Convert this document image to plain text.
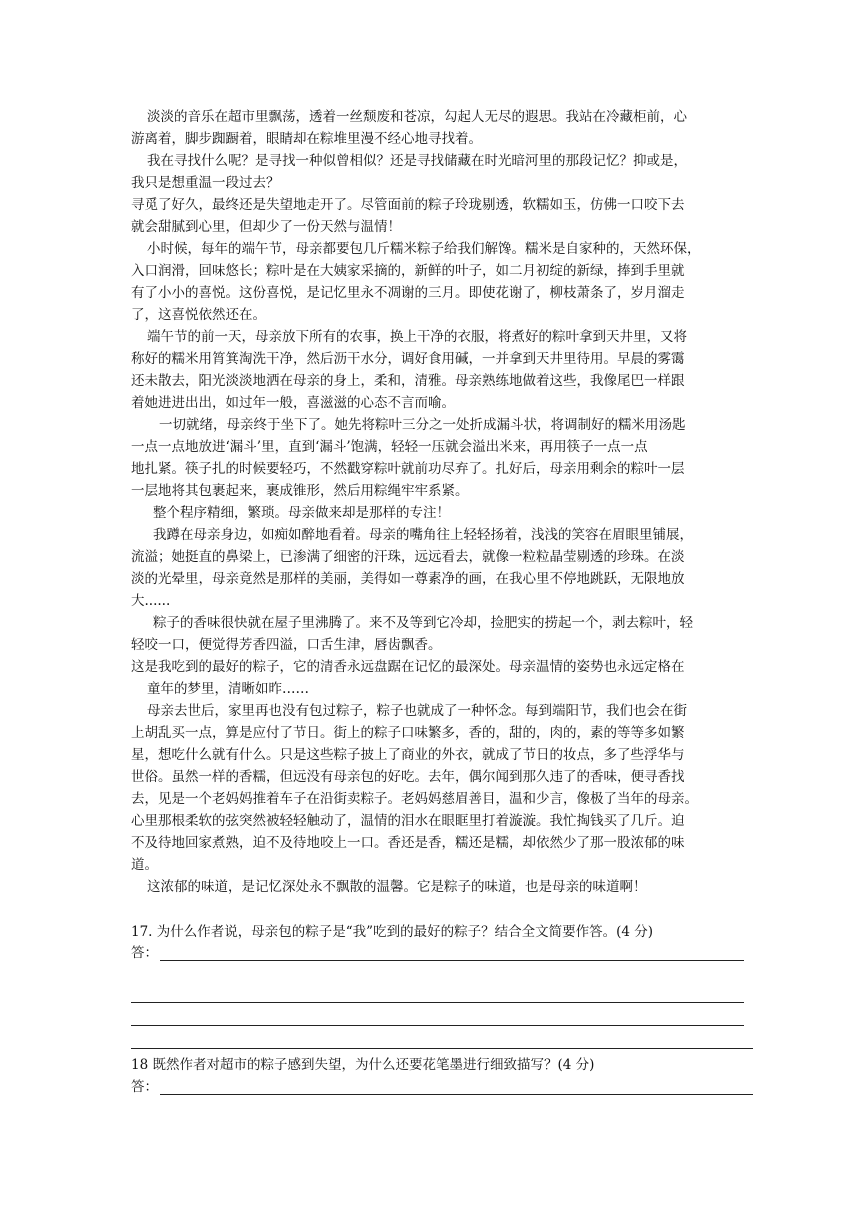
淡淡的音乐在超市里飘荡，透着一丝颓废和苍凉，勾起人无尽的遐思。我站在冷藏柜前，心
游离着，脚步踟蹰着，眼睛却在粽堆里漫不经心地寻找着。
我在寻找什么呢？是寻找一种似曾相似？还是寻找储藏在时光暗河里的那段记忆？抑或是，
我只是想重温一段过去？
寻觅了好久，最终还是失望地走开了。尽管面前的粽子玲珑剔透，软糯如玉，仿佛一口咬下去
就会甜腻到心里，但却少了一份天然与温情！
小时候，每年的端午节，母亲都要包几斤糯米粽子给我们解馋。糯米是自家种的，天然环保，
入口润滑，回味悠长；粽叶是在大姨家采摘的，新鲜的叶子，如二月初绽的新绿，捧到手里就
有了小小的喜悦。这份喜悦，是记忆里永不凋谢的三月。即使花谢了，柳枝萧条了，岁月溜走
了，这喜悦依然还在。
端午节的前一天，母亲放下所有的农事，换上干净的衣服，将煮好的粽叶拿到天井里，又将
称好的糯米用筲箕淘洗干净，然后沥干水分，调好食用碱，一并拿到天井里待用。早晨的雾霭
还未散去，阳光淡淡地洒在母亲的身上，柔和，清雅。母亲熟练地做着这些，我像尾巴一样跟
着她进进出出，如过年一般，喜滋滋的心态不言而喻。
一切就绪，母亲终于坐下了。她先将粽叶三分之一处折成漏斗状，将调制好的糯米用汤匙
一点一点地放进‘漏斗’里，直到‘漏斗’饱满，轻轻一压就会溢出米来，再用筷子一点一点
地扎紧。筷子扎的时候要轻巧，不然戳穿粽叶就前功尽弃了。扎好后，母亲用剩余的粽叶一层
一层地将其包裹起来，裹成锥形，然后用粽绳牢牢系紧。
整个程序精细，繁琐。母亲做来却是那样的专注！
我蹲在母亲身边，如痴如醉地看着。母亲的嘴角往上轻轻扬着，浅浅的笑容在眉眼里铺展，
流溢；她挺直的鼻梁上，已渗满了细密的汗珠，远远看去，就像一粒粒晶莹剔透的珍珠。在淡
淡的光晕里，母亲竟然是那样的美丽，美得如一尊素净的画，在我心里不停地跳跃，无限地放
大......
粽子的香味很快就在屋子里沸腾了。来不及等到它冷却，捡肥实的捞起一个，剥去粽叶，轻
轻咬一口，便觉得芳香四溢，口舌生津，唇齿飘香。
这是我吃到的最好的粽子，它的清香永远盘踞在记忆的最深处。母亲温情的姿势也永远定格在
童年的梦里，清晰如昨……
母亲去世后，家里再也没有包过粽子，粽子也就成了一种怀念。每到端阳节，我们也会在街
上胡乱买一点，算是应付了节日。街上的粽子口味繁多，香的，甜的，肉的，素的等等多如繁
星，想吃什么就有什么。只是这些粽子披上了商业的外衣，就成了节日的妆点，多了些浮华与
世俗。虽然一样的香糯，但远没有母亲包的好吃。去年，偶尔闻到那久违了的香味，便寻香找
去，见是一个老妈妈推着车子在沿街卖粽子。老妈妈慈眉善目，温和少言，像极了当年的母亲。
心里那根柔软的弦突然被轻轻触动了，温情的泪水在眼眶里打着漩漩。我忙掏钱买了几斤。迫
不及待地回家煮熟，迫不及待地咬上一口。香还是香，糯还是糯，却依然少了那一股浓郁的味
道。
这浓郁的味道，是记忆深处永不飘散的温馨。它是粽子的味道，也是母亲的味道啊！
17. 为什么作者说，母亲包的粽子是“我”吃到的最好的粽子？结合全文简要作答。(4 分)
答：
18 既然作者对超市的粽子感到失望，为什么还要花笔墨进行细致描写？(4 分)
答：
